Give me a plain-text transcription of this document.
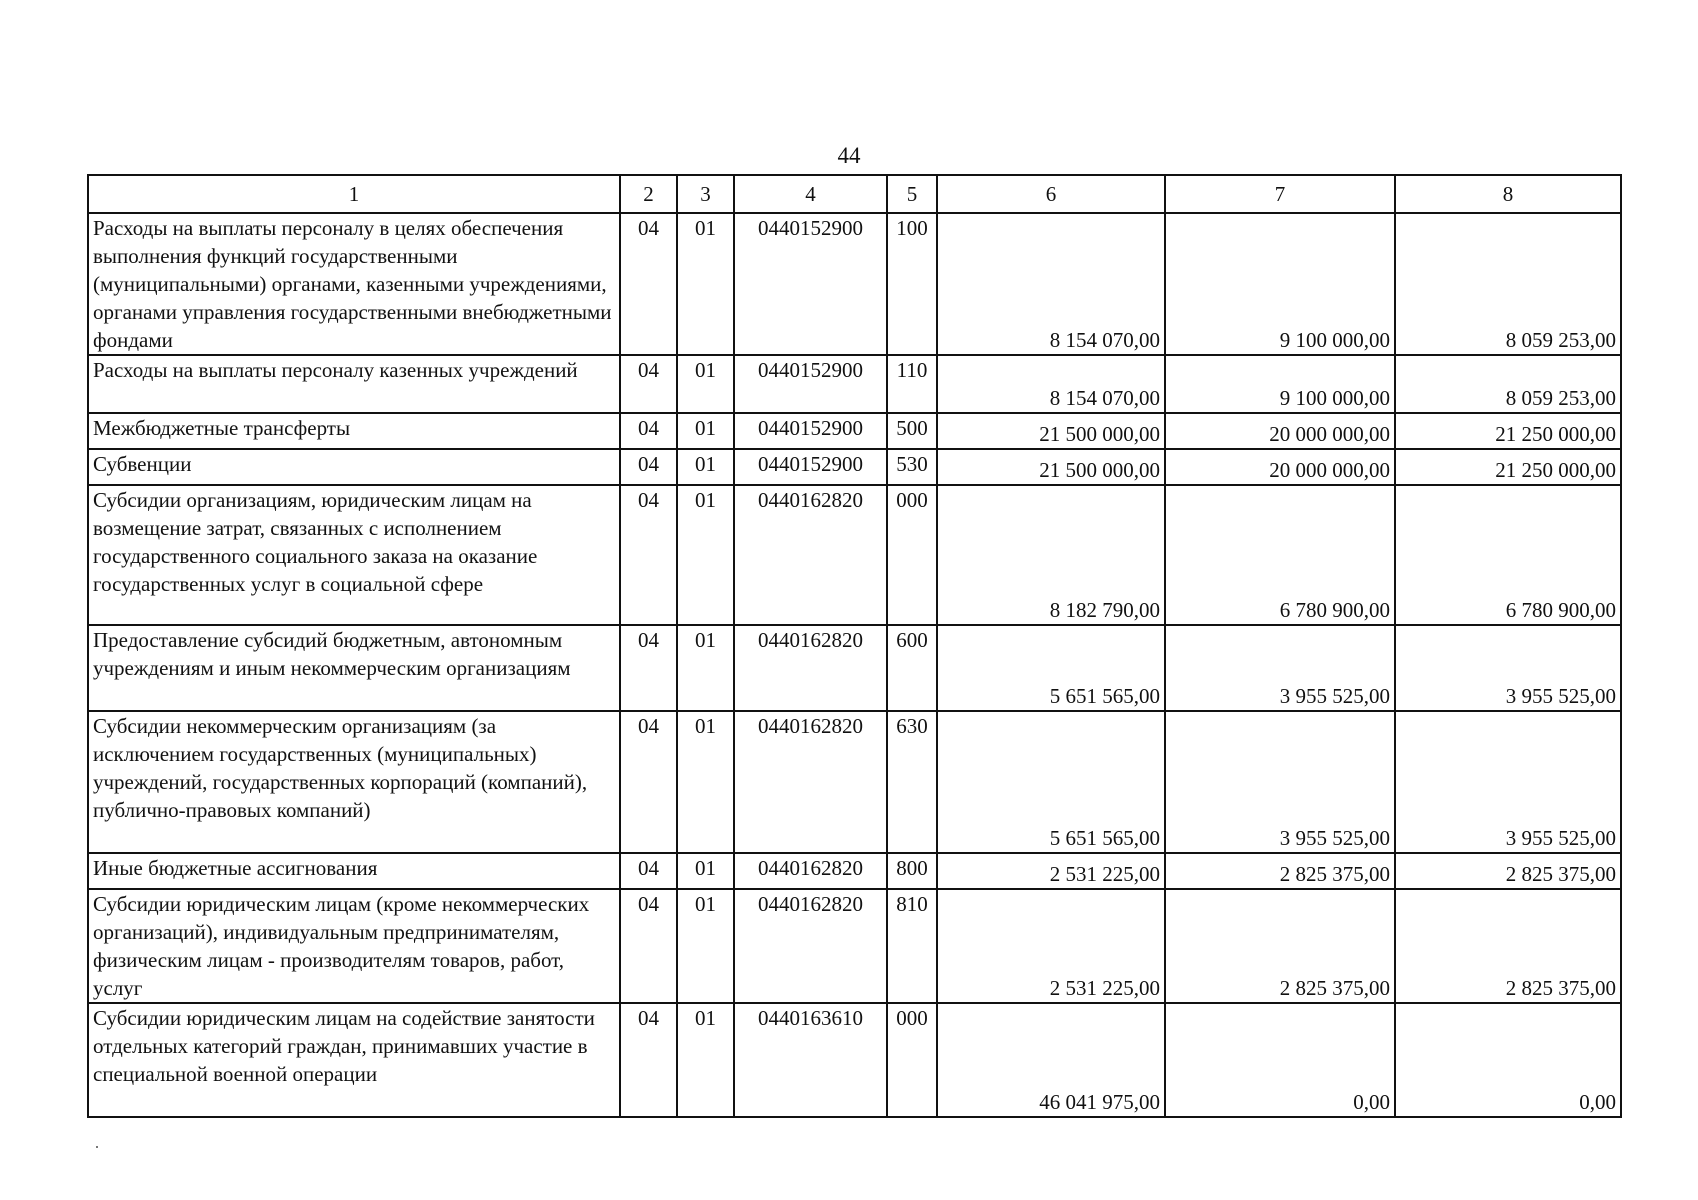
44
1	2	3	4	5	6	7	8
Расходы на выплаты персоналу в целях обеспечения выполнения функций государственными (муниципальными) органами, казенными учреждениями, органами управления государственными внебюджетными фондами	04	01	0440152900	100	8 154 070,00	9 100 000,00	8 059 253,00
Расходы на выплаты персоналу казенных учреждений	04	01	0440152900	110	8 154 070,00	9 100 000,00	8 059 253,00
Межбюджетные трансферты	04	01	0440152900	500	21 500 000,00	20 000 000,00	21 250 000,00
Субвенции	04	01	0440152900	530	21 500 000,00	20 000 000,00	21 250 000,00
Субсидии организациям, юридическим лицам на возмещение затрат, связанных с исполнением государственного социального заказа на оказание государственных услуг в социальной сфере	04	01	0440162820	000	8 182 790,00	6 780 900,00	6 780 900,00
Предоставление субсидий бюджетным, автономным учреждениям и иным некоммерческим организациям	04	01	0440162820	600	5 651 565,00	3 955 525,00	3 955 525,00
Субсидии некоммерческим организациям (за исключением государственных (муниципальных) учреждений, государственных корпораций (компаний), публично-правовых компаний)	04	01	0440162820	630	5 651 565,00	3 955 525,00	3 955 525,00
Иные бюджетные ассигнования	04	01	0440162820	800	2 531 225,00	2 825 375,00	2 825 375,00
Субсидии юридическим лицам (кроме некоммерческих организаций), индивидуальным предпринимателям, физическим лицам - производителям товаров, работ, услуг	04	01	0440162820	810	2 531 225,00	2 825 375,00	2 825 375,00
Субсидии юридическим лицам на содействие занятости отдельных категорий граждан, принимавших участие в специальной военной операции	04	01	0440163610	000	46 041 975,00	0,00	0,00
